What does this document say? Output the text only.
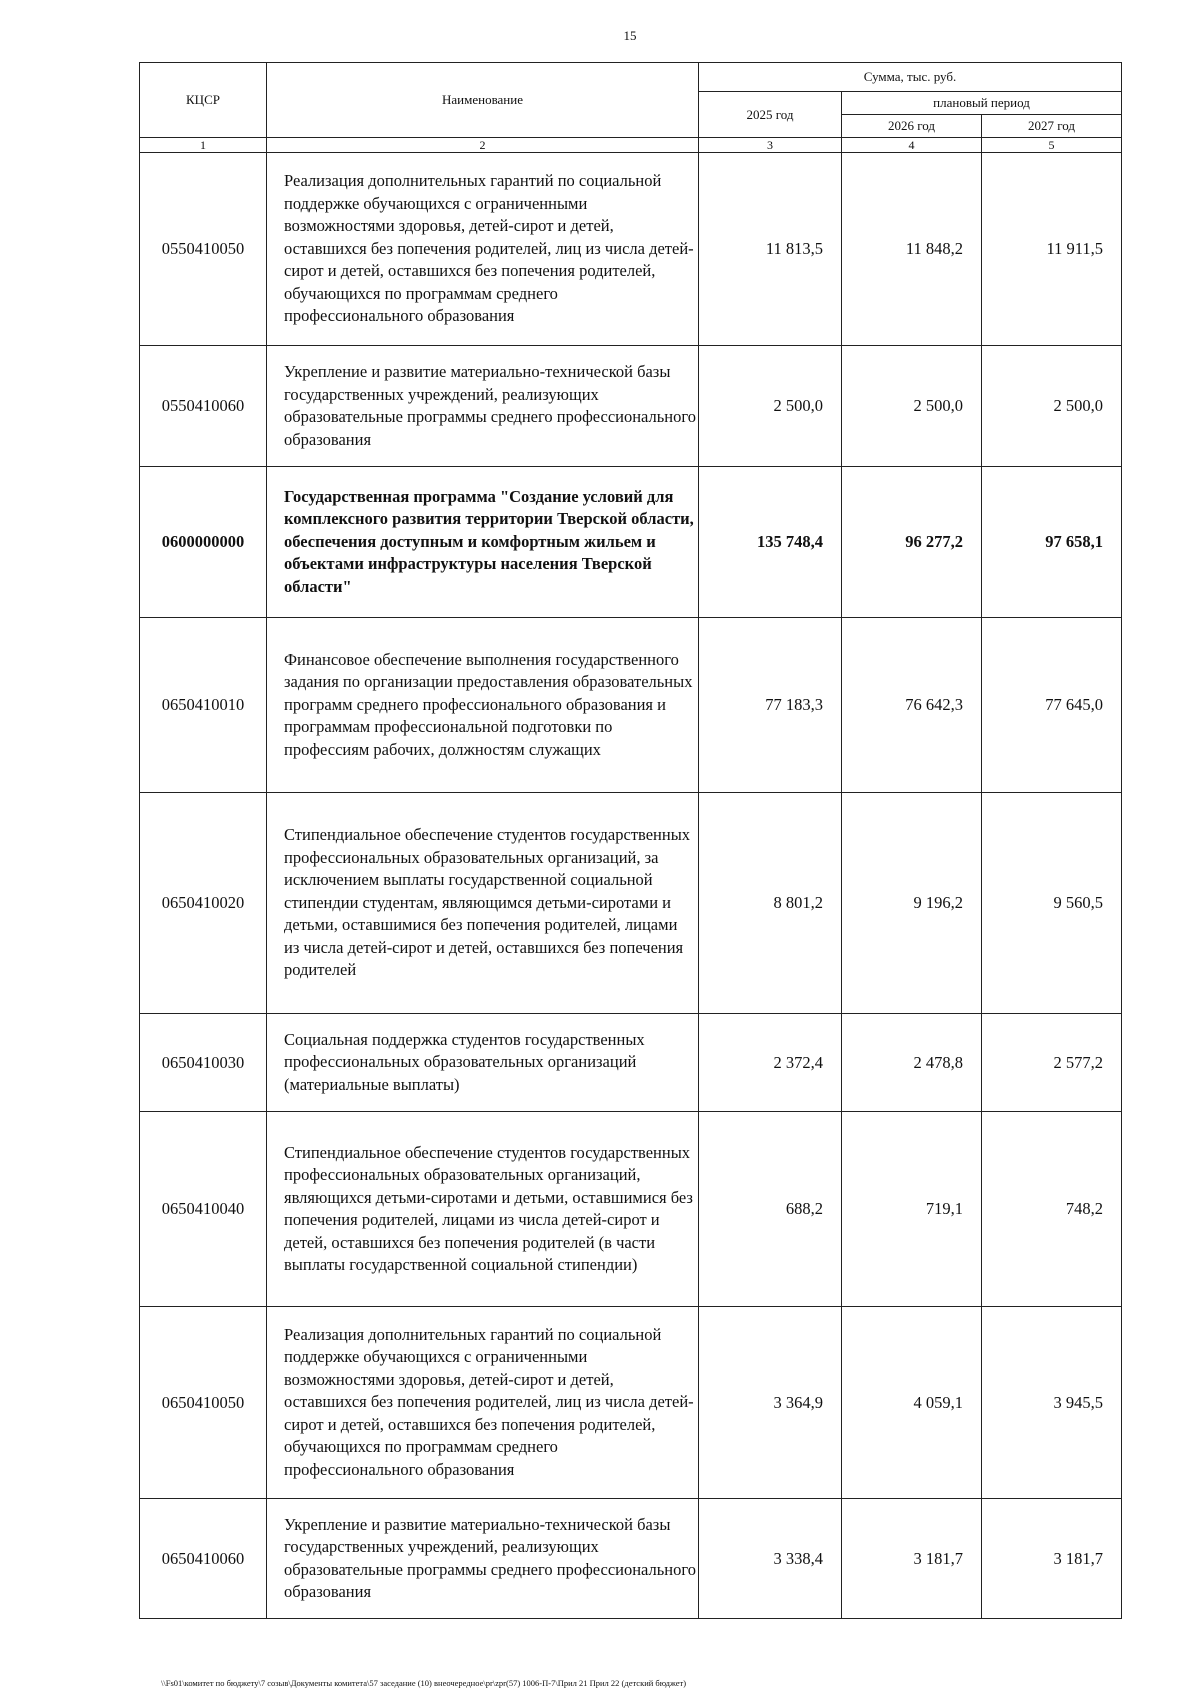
15
КЦСР	Наименование	Сумма, тыс. руб.		
		2025 год	плановый период	
			2026 год	2027 год
1	2	3	4	5
0550410050	Реализация дополнительных гарантий по социальной поддержке обучающихся с ограниченными возможностями здоровья, детей-сирот и детей, оставшихся без попечения родителей, лиц из числа детей-сирот и детей, оставшихся без попечения родителей, обучающихся по программам среднего профессионального образования	11 813,5	11 848,2	11 911,5
0550410060	Укрепление и развитие материально-технической базы государственных учреждений, реализующих образовательные программы среднего профессионального образования	2 500,0	2 500,0	2 500,0
0600000000	Государственная программа "Создание условий для комплексного развития территории Тверской области, обеспечения доступным и комфортным жильем и объектами инфраструктуры населения Тверской области"	135 748,4	96 277,2	97 658,1
0650410010	Финансовое обеспечение выполнения государственного задания по организации предоставления образовательных программ среднего профессионального образования и программам профессиональной подготовки по профессиям рабочих, должностям служащих	77 183,3	76 642,3	77 645,0
0650410020	Стипендиальное обеспечение студентов государственных профессиональных образовательных организаций, за исключением выплаты государственной социальной стипендии студентам, являющимся детьми-сиротами и детьми, оставшимися без попечения родителей, лицами из числа детей-сирот и детей, оставшихся без попечения родителей	8 801,2	9 196,2	9 560,5
0650410030	Социальная поддержка студентов государственных профессиональных образовательных организаций (материальные выплаты)	2 372,4	2 478,8	2 577,2
0650410040	Стипендиальное обеспечение студентов государственных профессиональных образовательных организаций, являющихся детьми-сиротами и детьми, оставшимися без попечения родителей, лицами из числа детей-сирот и детей, оставшихся без попечения родителей (в части выплаты государственной социальной стипендии)	688,2	719,1	748,2
0650410050	Реализация дополнительных гарантий по социальной поддержке обучающихся с ограниченными возможностями здоровья, детей-сирот и детей, оставшихся без попечения родителей, лиц из числа детей-сирот и детей, оставшихся без попечения родителей, обучающихся по программам среднего профессионального образования	3 364,9	4 059,1	3 945,5
0650410060	Укрепление и развитие материально-технической базы государственных учреждений, реализующих образовательные программы среднего профессионального образования	3 338,4	3 181,7	3 181,7
\\Fs01\комитет по бюджету\7 созыв\Документы комитета\57 заседание (10) внеочередное\pr\zpr(57) 1006-П-7\Прил 21 Прил 22 (детский бюджет)
